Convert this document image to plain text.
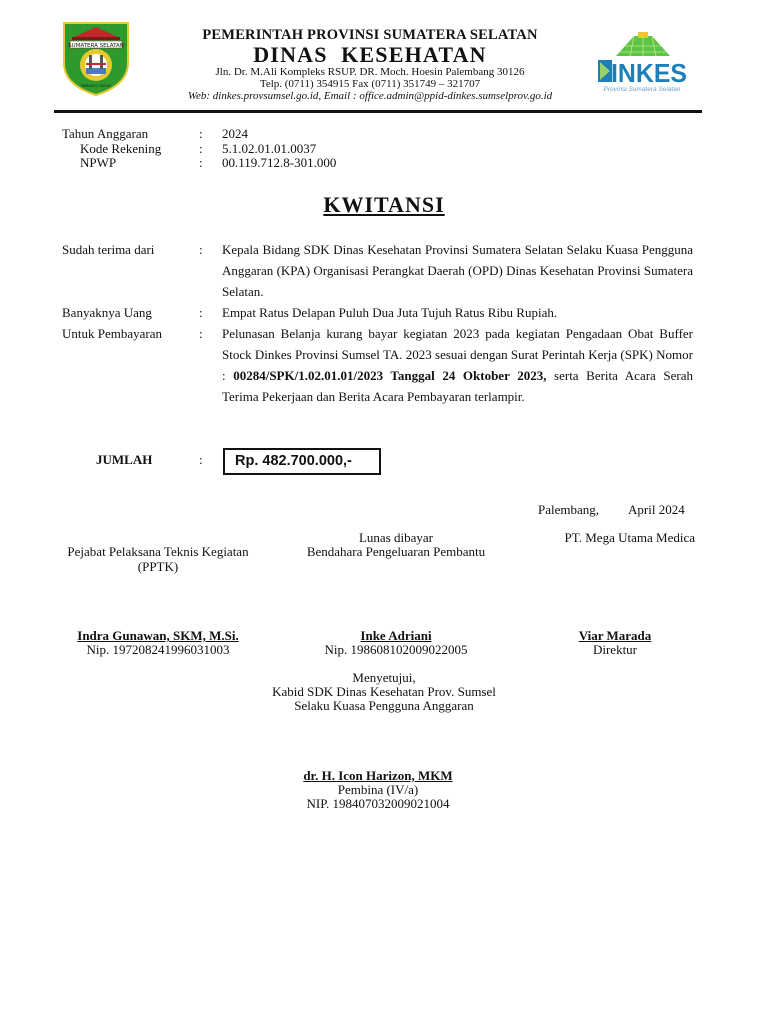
SUMATERA SELATAN
BERSATU TEGUH
PEMERINTAH PROVINSI SUMATERA SELATAN
DINAS  KESEHATAN
Jln. Dr. M.Ali Kompleks RSUP. DR. Moch. Hoesin Palembang 30126
Telp. (0711) 354915 Fax (0711) 351749 – 321707
Web: dinkes.provsumsel.go.id, Email : office.admin@ppid-dinkes.sumselprov.go.id
INKES
Provinsi Sumatera Selatan
Tahun Anggaran	: 2024
Kode Rekening	: 5.1.02.01.01.0037
NPWP	: 00.119.712.8-301.000
KWITANSI
Sudah terima dari	: Kepala Bidang SDK Dinas Kesehatan Provinsi Sumatera Selatan Selaku Kuasa Pengguna Anggaran (KPA) Organisasi Perangkat Daerah (OPD) Dinas Kesehatan Provinsi Sumatera Selatan.
Banyaknya Uang	: Empat Ratus Delapan Puluh Dua Juta Tujuh Ratus Ribu Rupiah.
Untuk Pembayaran	: Pelunasan Belanja kurang bayar kegiatan 2023 pada kegiatan Pengadaan Obat Buffer Stock Dinkes Provinsi Sumsel TA. 2023 sesuai dengan Surat Perintah Kerja (SPK) Nomor : 00284/SPK/1.02.01.01/2023 Tanggal 24 Oktober 2023, serta Berita Acara Serah Terima Pekerjaan dan Berita Acara Pembayaran terlampir.
JUMLAH	:	Rp. 482.700.000,-
Palembang, April 2024
Pejabat Pelaksana Teknis Kegiatan
(PPTK)
Lunas dibayar
Bendahara Pengeluaran Pembantu
PT. Mega Utama Medica
Indra Gunawan, SKM, M.Si.
Nip. 197208241996031003
Inke Adriani
Nip. 198608102009022005
Viar Marada
Direktur
Menyetujui,
Kabid SDK Dinas Kesehatan Prov. Sumsel
Selaku Kuasa Pengguna Anggaran
dr. H. Icon Harizon, MKM
Pembina (IV/a)
NIP. 198407032009021004
